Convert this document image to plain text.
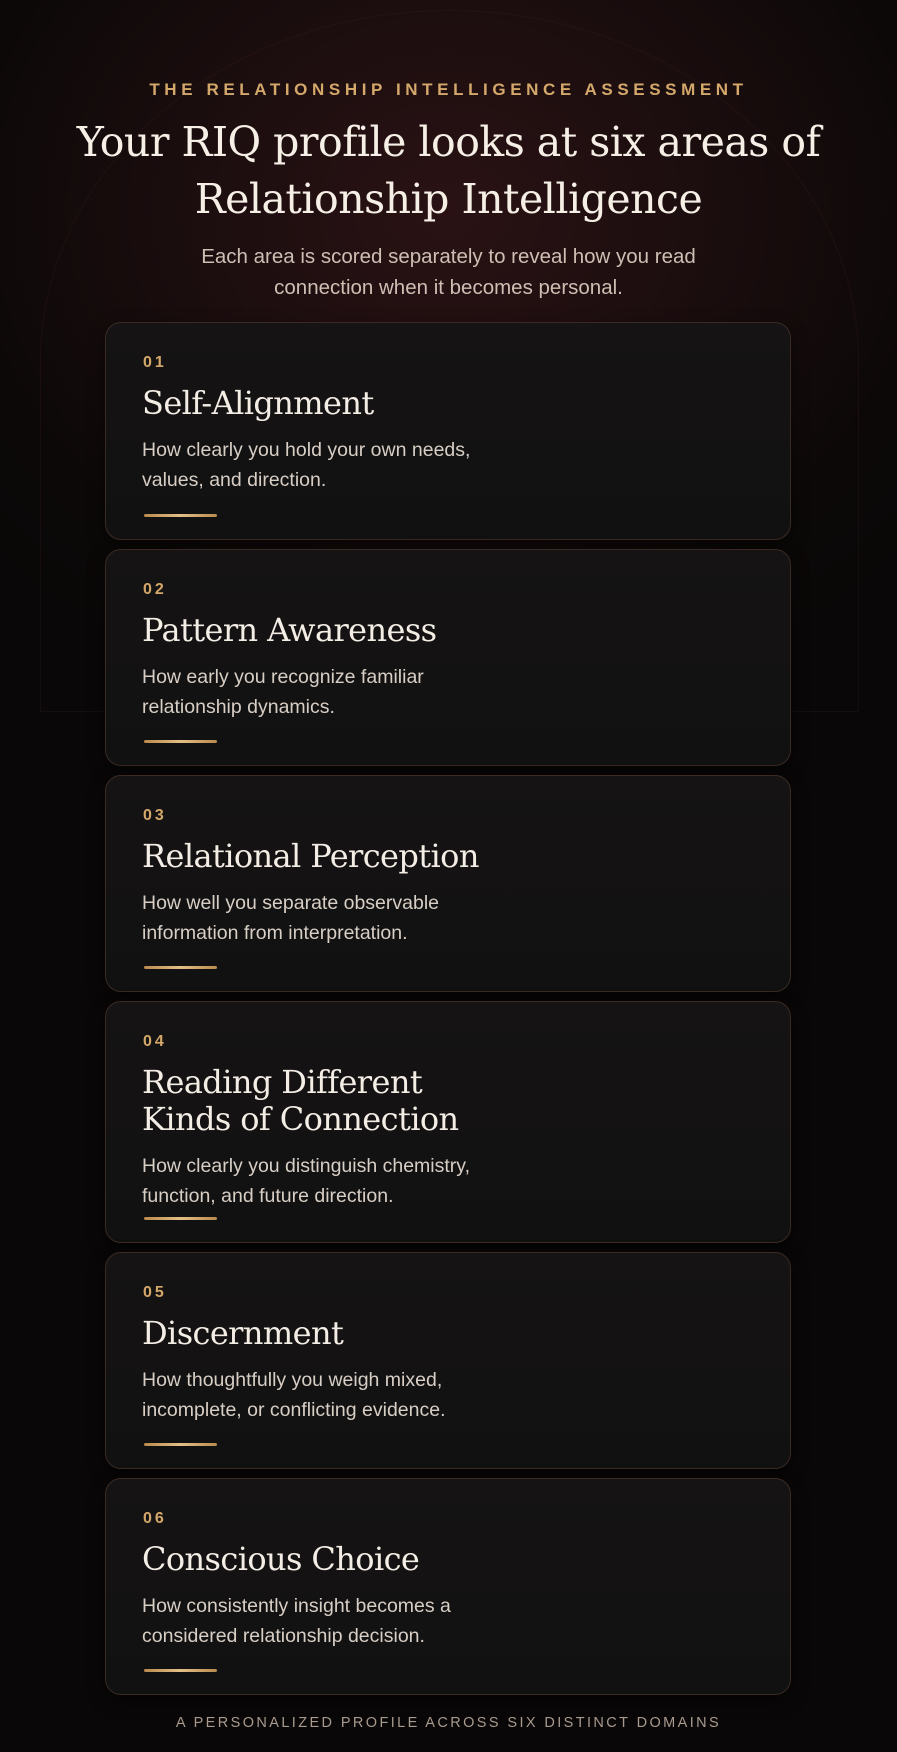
THE RELATIONSHIP INTELLIGENCE ASSESSMENT
Your RIQ profile looks at six areas of Relationship Intelligence

Each area is scored separately to reveal how you read connection when it becomes personal.

01
Self-Alignment

How clearly you hold your own needs, values, and direction.

02
Pattern Awareness

How early you recognize familiar relationship dynamics.

03
Relational Perception

How well you separate observable information from interpretation.

04
Reading Different Kinds of Connection

How clearly you distinguish chemistry, function, and future direction.

05
Discernment

How thoughtfully you weigh mixed, incomplete, or conflicting evidence.

06
Conscious Choice

How consistently insight becomes a considered relationship decision.

A PERSONALIZED PROFILE ACROSS SIX DISTINCT DOMAINS
